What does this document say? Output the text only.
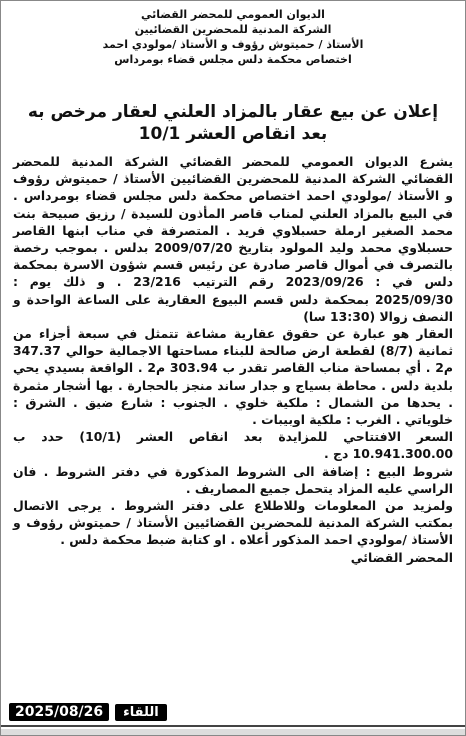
الديوان العمومي للمحضر القضائي
الشركة المدنية للمحضرين القضائيين
الأستاذ / حميتوش رؤوف و الأستاذ /مولودي احمد
اختصاص محكمة دلس مجلس قضاء بومرداس
إعلان عن بيع عقار بالمزاد العلني لعقار مرخص به بعد انقاص العشر 10/1

يشرع الديوان العمومي للمحضر القضائي الشركة المدنية للمحضر القضائي الشركة المدنية للمحضرين القضائيين الأستاذ / حميتوش رؤوف و الأستاذ /مولودي احمد اختصاص محكمة دلس مجلس قضاء بومرداس . في البيع بالمزاد العلني لمناب قاصر المأذون للسيدة / رزيق صبيحة بنت محمد الصغير ارملة حسبلاوي فريد . المتصرفة في مناب ابنها القاصر حسبلاوي محمد وليد المولود بتاريخ 2009/07/20 بدلس . بموجب رخصة بالتصرف في أموال قاصر صادرة عن رئيس قسم شؤون الاسرة بمحكمة دلس في : 2023/09/26 رقم الترتيب 23/216 . و ذلك يوم : 2025/09/30 بمحكمة دلس قسم البيوع العقارية على الساعة الواحدة و النصف زوالا (13:30 سا)

العقار هو عبارة عن حقوق عقارية مشاعة تتمثل في سبعة أجزاء من ثمانية (8/7) لقطعة ارض صالحة للبناء مساحتها الاجمالية حوالي 347.37 م2 . أي بمساحة مناب القاصر تقدر ب 303.94 م2 . الواقعة بسيدي يحي بلدية دلس . محاطة بسياج و جدار ساند منجز بالحجارة . بها أشجار مثمرة . يحدها من الشمال : ملكية خلوي . الجنوب : شارع ضيق . الشرق : خلوياتي . الغرب : ملكية اوبيبات .

السعر الافتتاحي للمزايدة بعد انقاص العشر (10/1) حدد ب 10.941.300.00 دج .

شروط البيع : إضافة الى الشروط المذكورة في دفتر الشروط . فان الراسي عليه المزاد يتحمل جميع المصاريف .

ولمزيد من المعلومات وللاطلاع على دفتر الشروط . يرجى الاتصال بمكتب الشركة المدنية للمحضرين القضائيين الأستاذ / حميتوش رؤوف و الأستاذ /مولودي احمد المذكور أعلاه . او كتابة ضبط محكمة دلس .

المحضر القضائي
2025/08/26	اللقاء
